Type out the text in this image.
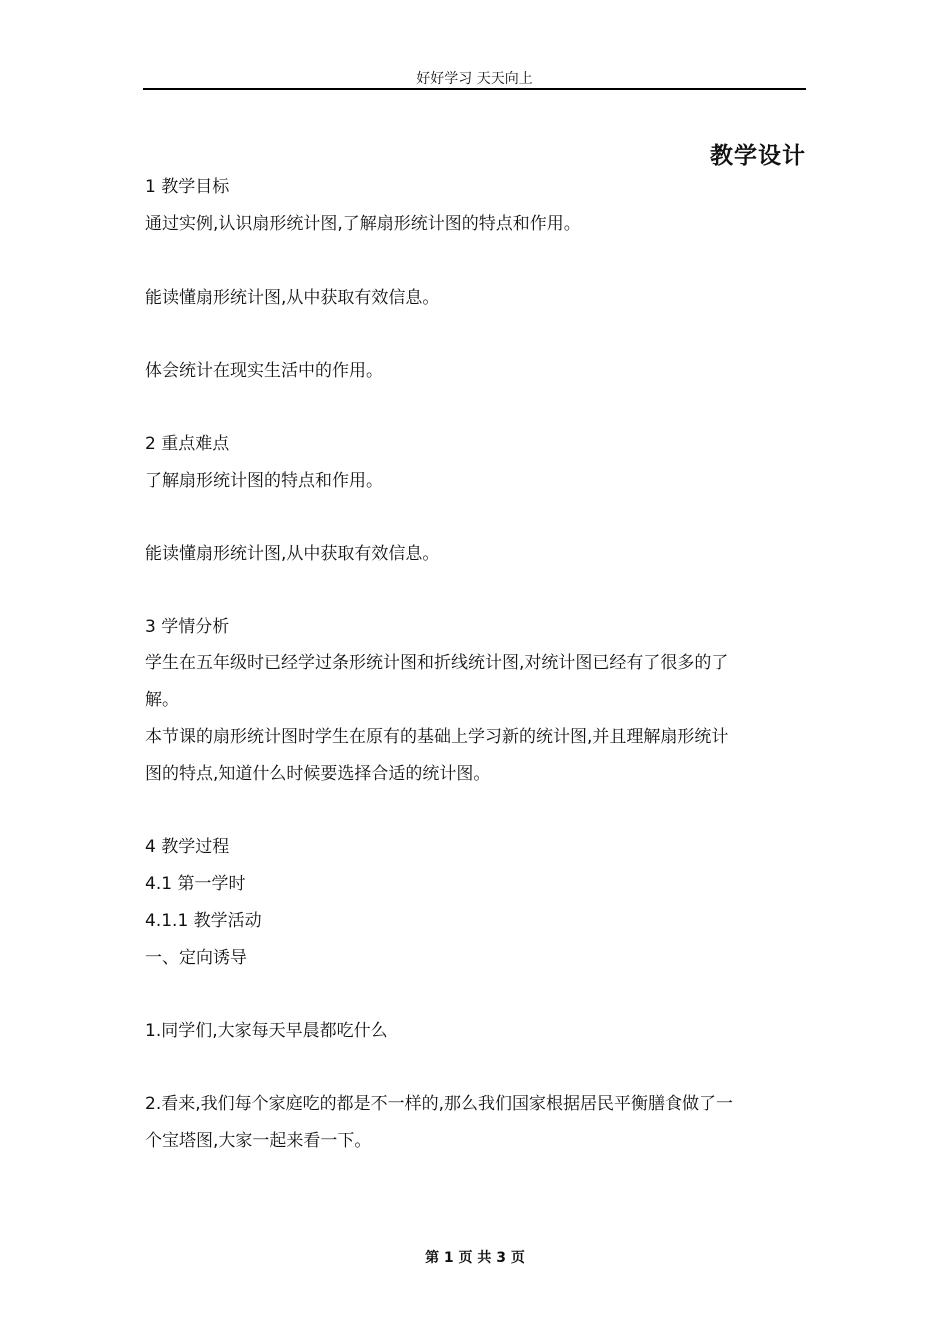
好好学习 天天向上
教学设计
1 教学目标
通过实例,认识扇形统计图,了解扇形统计图的特点和作用。
能读懂扇形统计图,从中获取有效信息。
体会统计在现实生活中的作用。
2 重点难点
了解扇形统计图的特点和作用。
能读懂扇形统计图,从中获取有效信息。
3 学情分析
学生在五年级时已经学过条形统计图和折线统计图,对统计图已经有了很多的了
解。
本节课的扇形统计图时学生在原有的基础上学习新的统计图,并且理解扇形统计
图的特点,知道什么时候要选择合适的统计图。
4 教学过程
4.1 第一学时
4.1.1 教学活动
一、定向诱导
1.同学们,大家每天早晨都吃什么
2.看来,我们每个家庭吃的都是不一样的,那么我们国家根据居民平衡膳食做了一
个宝塔图,大家一起来看一下。
第 1 页 共 3 页
